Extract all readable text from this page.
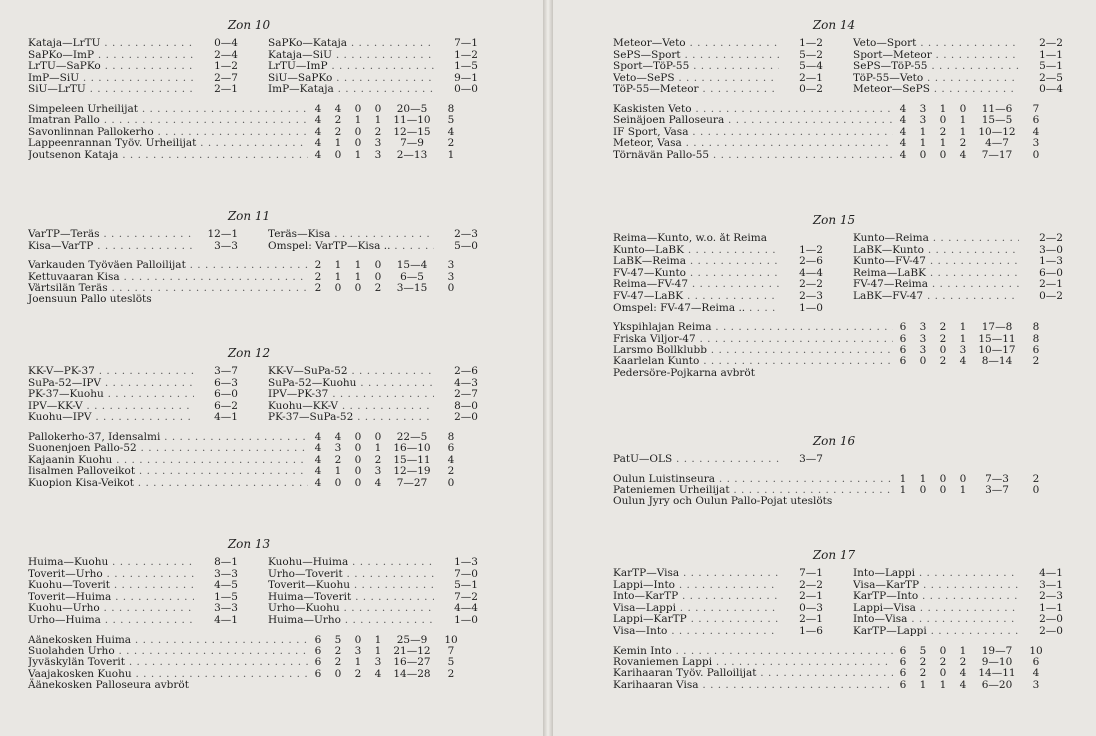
Zon 10
Kataja—LrTU . . .	0—4
SaPKo—ImP . . .	2—4
LrTU—SaPKo . . .	1—2
ImP—SiU . . .	2—7
SiU—LrTU . . .	2—1
SaPKo—Kataja . . .	7—1
Kataja—SiU . . .	1—2
LrTU—ImP . . .	1—5
SiU—SaPKo . . .	9—1
ImP—Kataja . . .	0—0
Simpeleen Urheilijat . . .	4	4	0	0	20—5	8
Imatran Pallo . . .	4	2	1	1	11—10	5
Savonlinnan Pallokerho . . .	4	2	0	2	12—15	4
Lappeenrannan Työv. Urheilijat . . .	4	1	0	3	7—9	2
Joutsenon Kataja . . .	4	0	1	3	2—13	1
Zon 11
VarTP—Teräs . . .	12—1
Kisa—VarTP . . .	3—3
Teräs—Kisa . . .	2—3
Omspel: VarTP—Kisa .. . . .	5—0
Varkauden Työväen Palloilijat . . .	2	1	1	0	15—4	3
Kettuvaaran Kisa . . .	2	1	1	0	6—5	3
Värtsilän Teräs . . .	2	0	0	2	3—15	0
Joensuun Pallo uteslöts
Zon 12
KK-V—PK-37 . . .	3—7
SuPa-52—IPV . . .	6—3
PK-37—Kuohu . . .	6—0
IPV—KK-V . . .	6—2
Kuohu—IPV . . .	4—1
KK-V—SuPa-52 . . .	2—6
SuPa-52—Kuohu . . .	4—3
IPV—PK-37 . . .	2—7
Kuohu—KK-V . . .	8—0
PK-37—SuPa-52 . . .	2—0
Pallokerho-37, Idensalmi . . .	4	4	0	0	22—5	8
Suonenjoen Pallo-52 . . .	4	3	0	1	16—10	6
Kajaanin Kuohu . . .	4	2	0	2	15—11	4
Iisalmen Palloveikot . . .	4	1	0	3	12—19	2
Kuopion Kisa-Veikot . . .	4	0	0	4	7—27	0
Zon 13
Huima—Kuohu . . .	8—1
Toverit—Urho . . .	3—3
Kuohu—Toverit . . .	4—5
Toverit—Huima . . .	1—5
Kuohu—Urho . . .	3—3
Urho—Huima . . .	4—1
Kuohu—Huima . . .	1—3
Urho—Toverit . . .	7—0
Toverit—Kuohu . . .	5—1
Huima—Toverit . . .	7—2
Urho—Kuohu . . .	4—4
Huima—Urho . . .	1—0
Äänekosken Huima . . .	6	5	0	1	25—9	10
Suolahden Urho . . .	6	2	3	1	21—12	7
Jyväskylän Toverit . . .	6	2	1	3	16—27	5
Vaajakosken Kuohu . . .	6	0	2	4	14—28	2
Äänekosken Palloseura avbröt
Zon 14
Meteor—Veto . . .	1—2
SePS—Sport . . .	5—2
Sport—TöP-55 . . .	5—4
Veto—SePS . . .	2—1
TöP-55—Meteor . . .	0—2
Veto—Sport . . .	2—2
Sport—Meteor . . .	1—1
SePS—TöP-55 . . .	5—1
TöP-55—Veto . . .	2—5
Meteor—SePS . . .	0—4
Kaskisten Veto . . .	4	3	1	0	11—6	7
Seinäjoen Palloseura . . .	4	3	0	1	15—5	6
IF Sport, Vasa . . .	4	1	2	1	10—12	4
Meteor, Vasa . . .	4	1	1	2	4—7	3
Törnävän Pallo-55 . . .	4	0	0	4	7—17	0
Zon 15
Reima—Kunto, w.o. åt Reima
Kunto—LaBK . . .	1—2
LaBK—Reima . . .	2—6
FV-47—Kunto . . .	4—4
Reima—FV-47 . . .	2—2
FV-47—LaBK . . .	2—3
Omspel: FV-47—Reima .. . . .	1—0
Kunto—Reima . . .	2—2
LaBK—Kunto . . .	3—0
Kunto—FV-47 . . .	1—3
Reima—LaBK . . .	6—0
FV-47—Reima . . .	2—1
LaBK—FV-47 . . .	0—2
Ykspihlajan Reima . . .	6	3	2	1	17—8	8
Friska Viljor-47 . . .	6	3	2	1	15—11	8
Larsmo Bollklubb . . .	6	3	0	3	10—17	6
Kaarlelan Kunto . . .	6	0	2	4	8—14	2
Pedersöre-Pojkarna avbröt
Zon 16
PatU—OLS . . .	3—7
Oulun Luistinseura . . .	1	1	0	0	7—3	2
Pateniemen Urheilijat . . .	1	0	0	1	3—7	0
Oulun Jyry och Oulun Pallo-Pojat uteslöts
Zon 17
KarTP—Visa . . .	7—1
Lappi—Into . . .	2—2
Into—KarTP . . .	2—1
Visa—Lappi . . .	0—3
Lappi—KarTP . . .	2—1
Visa—Into . . .	1—6
Into—Lappi . . .	4—1
Visa—KarTP . . .	3—1
KarTP—Into . . .	2—3
Lappi—Visa . . .	1—1
Into—Visa . . .	2—0
KarTP—Lappi . . .	2—0
Kemin Into . . .	6	5	0	1	19—7	10
Rovaniemen Lappi . . .	6	2	2	2	9—10	6
Karihaaran Työv. Palloilijat . . .	6	2	0	4	14—11	4
Karihaaran Visa . . .	6	1	1	4	6—20	3
